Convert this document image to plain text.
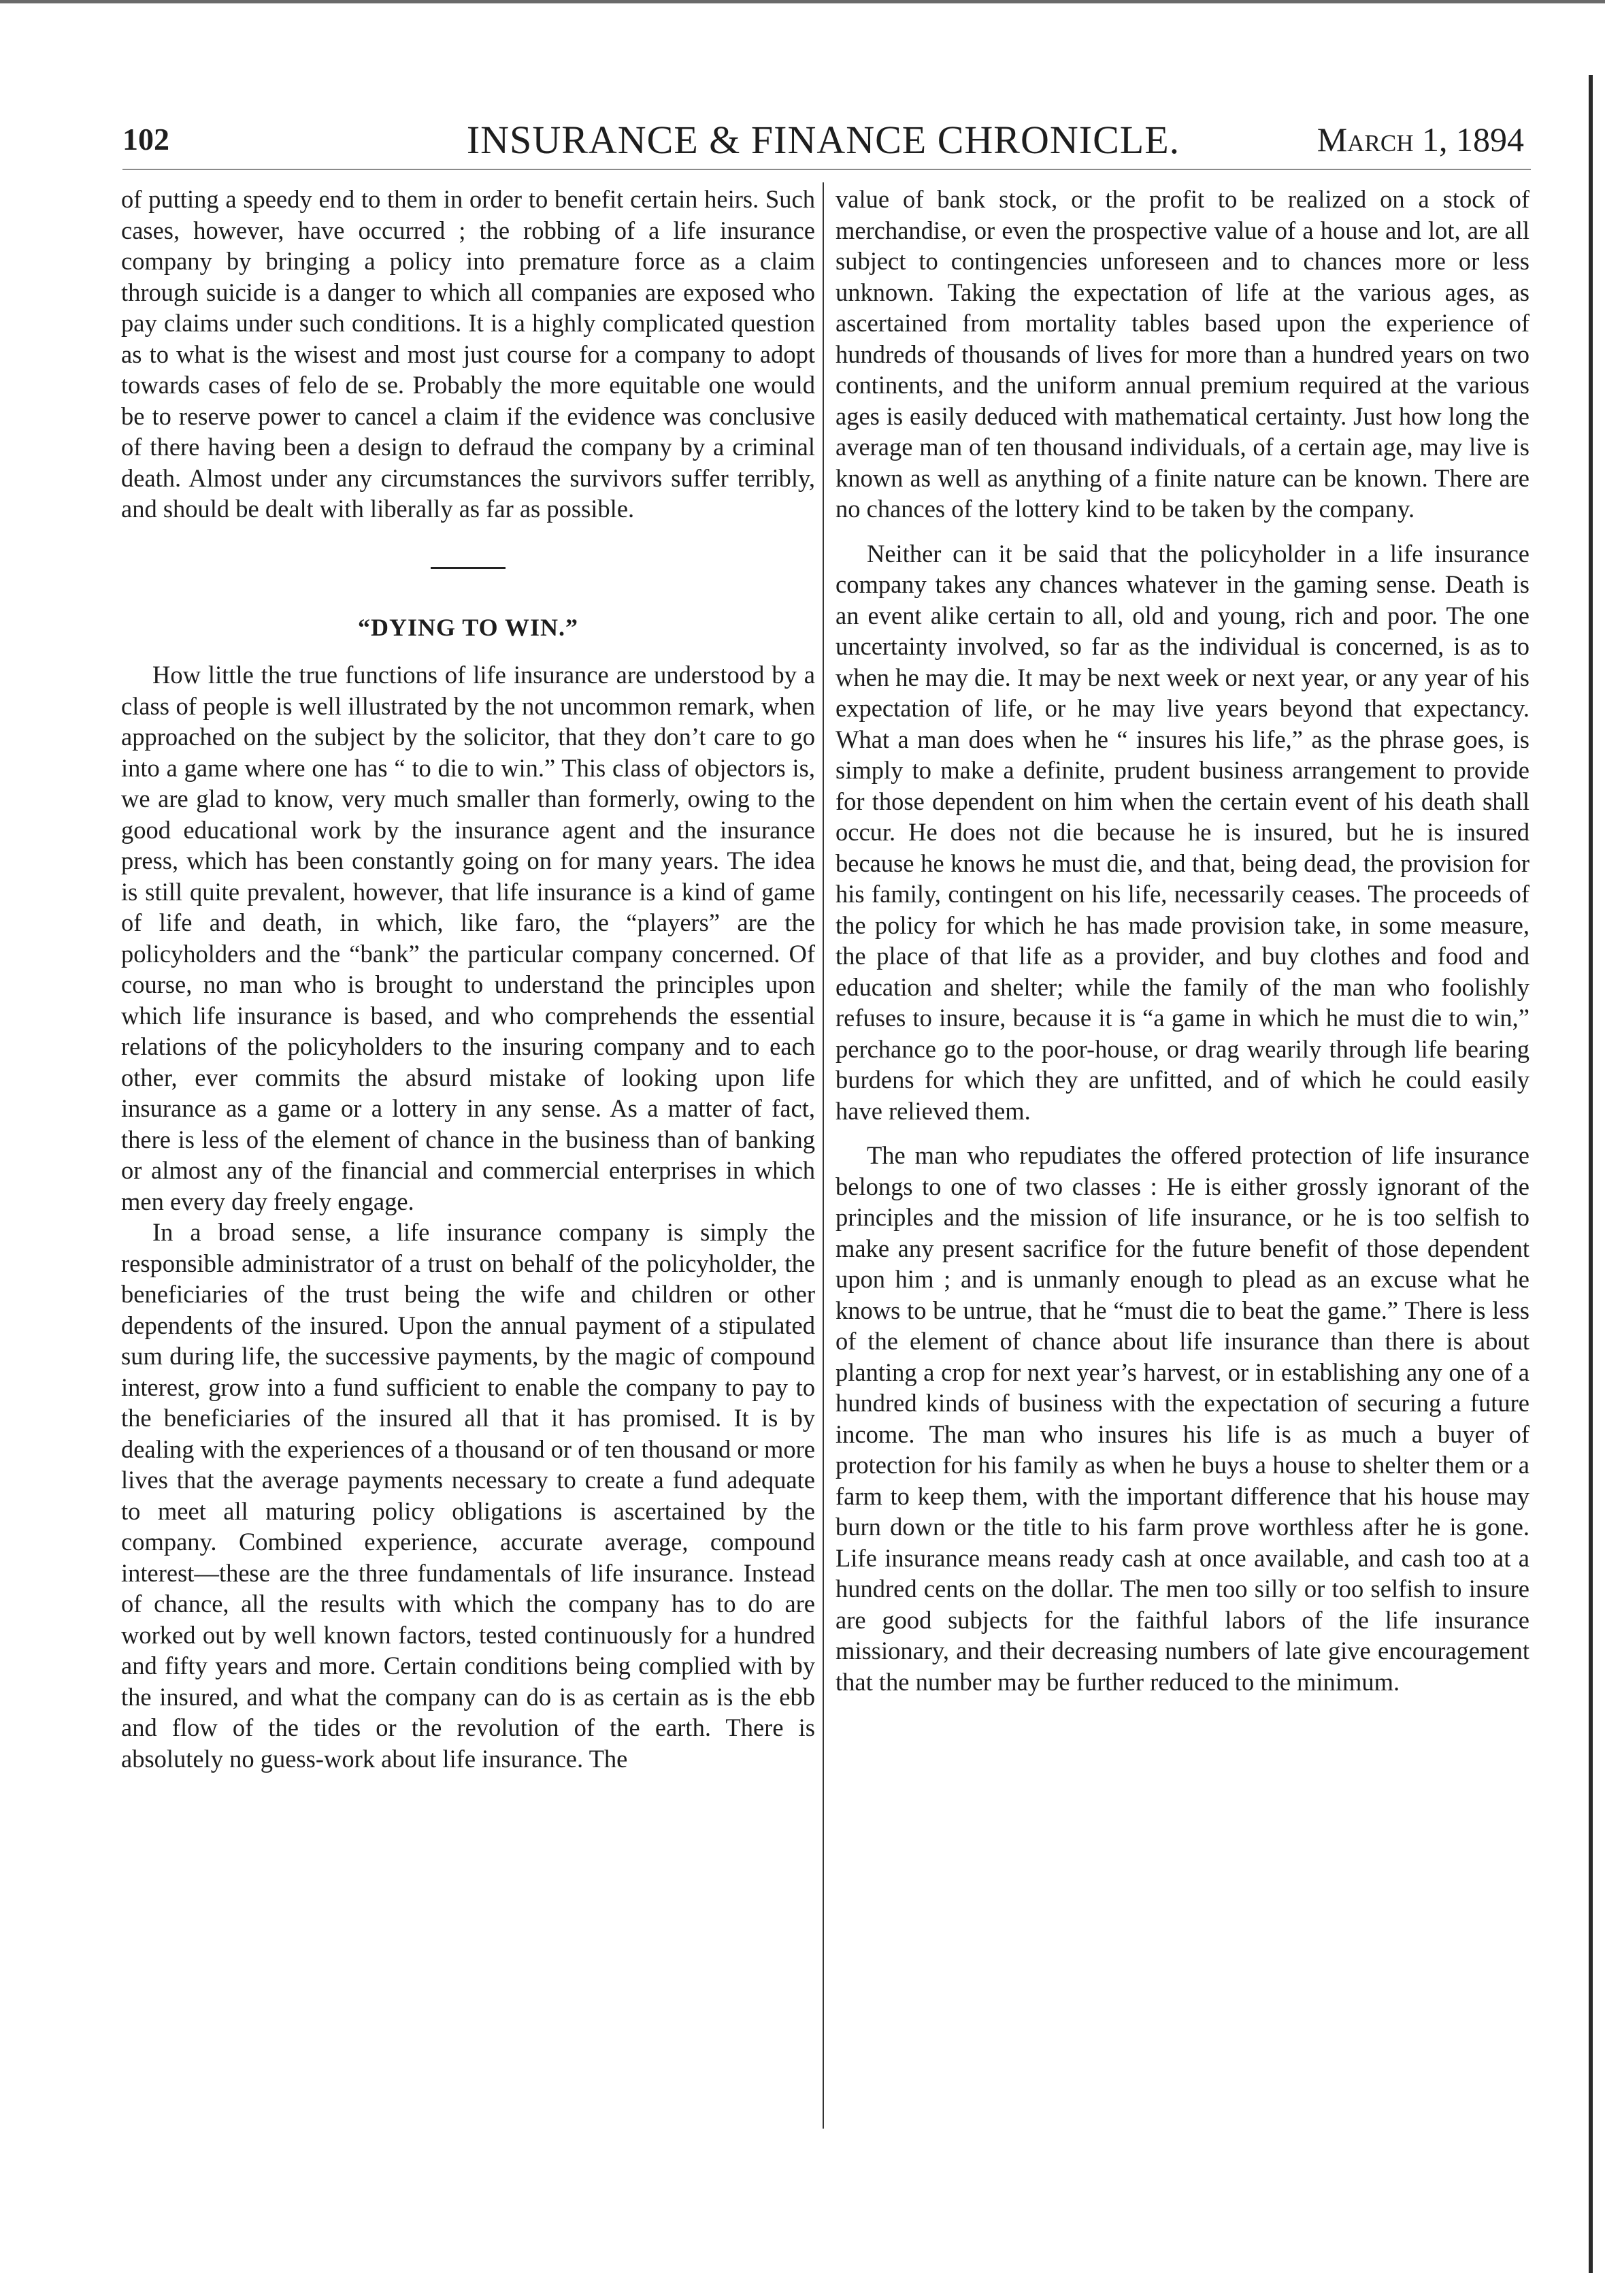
102	INSURANCE & FINANCE CHRONICLE.	March 1, 1894

of putting a speedy end to them in order to benefit certain heirs. Such cases, however, have occurred ; the robbing of a life insurance company by bringing a policy into premature force as a claim through suicide is a danger to which all companies are exposed who pay claims under such conditions. It is a highly complicated question as to what is the wisest and most just course for a company to adopt towards cases of felo de se. Probably the more equitable one would be to reserve power to cancel a claim if the evidence was conclusive of there having been a design to defraud the company by a criminal death. Almost under any circumstances the survivors suffer terribly, and should be dealt with liberally as far as possible.

“DYING TO WIN.”

How little the true functions of life insurance are understood by a class of people is well illustrated by the not uncommon remark, when approached on the subject by the solicitor, that they don’t care to go into a game where one has “ to die to win.” This class of objectors is, we are glad to know, very much smaller than formerly, owing to the good educational work by the insurance agent and the insurance press, which has been constantly going on for many years. The idea is still quite prevalent, however, that life insurance is a kind of game of life and death, in which, like faro, the “players” are the policyholders and the “bank” the particular company concerned. Of course, no man who is brought to understand the principles upon which life insurance is based, and who comprehends the essential relations of the policyholders to the insuring company and to each other, ever commits the absurd mistake of looking upon life insurance as a game or a lottery in any sense. As a matter of fact, there is less of the element of chance in the business than of banking or almost any of the financial and commercial enterprises in which men every day freely engage.

In a broad sense, a life insurance company is simply the responsible administrator of a trust on behalf of the policyholder, the beneficiaries of the trust being the wife and children or other dependents of the insured. Upon the annual payment of a stipulated sum during life, the successive payments, by the magic of compound interest, grow into a fund sufficient to enable the company to pay to the beneficiaries of the insured all that it has promised. It is by dealing with the experiences of a thousand or of ten thousand or more lives that the average payments necessary to create a fund adequate to meet all maturing policy obligations is ascertained by the company. Combined experience, accurate average, compound interest—these are the three fundamentals of life insurance. Instead of chance, all the results with which the company has to do are worked out by well known factors, tested continuously for a hundred and fifty years and more. Certain conditions being complied with by the insured, and what the company can do is as certain as is the ebb and flow of the tides or the revolution of the earth. There is absolutely no guess-work about life insurance. The

value of bank stock, or the profit to be realized on a stock of merchandise, or even the prospective value of a house and lot, are all subject to contingencies unforeseen and to chances more or less unknown. Taking the expectation of life at the various ages, as ascertained from mortality tables based upon the experience of hundreds of thousands of lives for more than a hundred years on two continents, and the uniform annual premium required at the various ages is easily deduced with mathematical certainty. Just how long the average man of ten thousand individuals, of a certain age, may live is known as well as anything of a finite nature can be known. There are no chances of the lottery kind to be taken by the company.

Neither can it be said that the policyholder in a life insurance company takes any chances whatever in the gaming sense. Death is an event alike certain to all, old and young, rich and poor. The one uncertainty involved, so far as the individual is concerned, is as to when he may die. It may be next week or next year, or any year of his expectation of life, or he may live years beyond that expectancy. What a man does when he “ insures his life,” as the phrase goes, is simply to make a definite, prudent business arrangement to provide for those dependent on him when the certain event of his death shall occur. He does not die because he is insured, but he is insured because he knows he must die, and that, being dead, the provision for his family, contingent on his life, necessarily ceases. The proceeds of the policy for which he has made provision take, in some measure, the place of that life as a provider, and buy clothes and food and education and shelter; while the family of the man who foolishly refuses to insure, because it is “a game in which he must die to win,” perchance go to the poor-house, or drag wearily through life bearing burdens for which they are unfitted, and of which he could easily have relieved them.

The man who repudiates the offered protection of life insurance belongs to one of two classes : He is either grossly ignorant of the principles and the mission of life insurance, or he is too selfish to make any present sacrifice for the future benefit of those dependent upon him ; and is unmanly enough to plead as an excuse what he knows to be untrue, that he “must die to beat the game.” There is less of the element of chance about life insurance than there is about planting a crop for next year’s harvest, or in establishing any one of a hundred kinds of business with the expectation of securing a future income. The man who insures his life is as much a buyer of protection for his family as when he buys a house to shelter them or a farm to keep them, with the important difference that his house may burn down or the title to his farm prove worthless after he is gone. Life insurance means ready cash at once available, and cash too at a hundred cents on the dollar. The men too silly or too selfish to insure are good subjects for the faithful labors of the life insurance missionary, and their decreasing numbers of late give encouragement that the number may be further reduced to the minimum.
